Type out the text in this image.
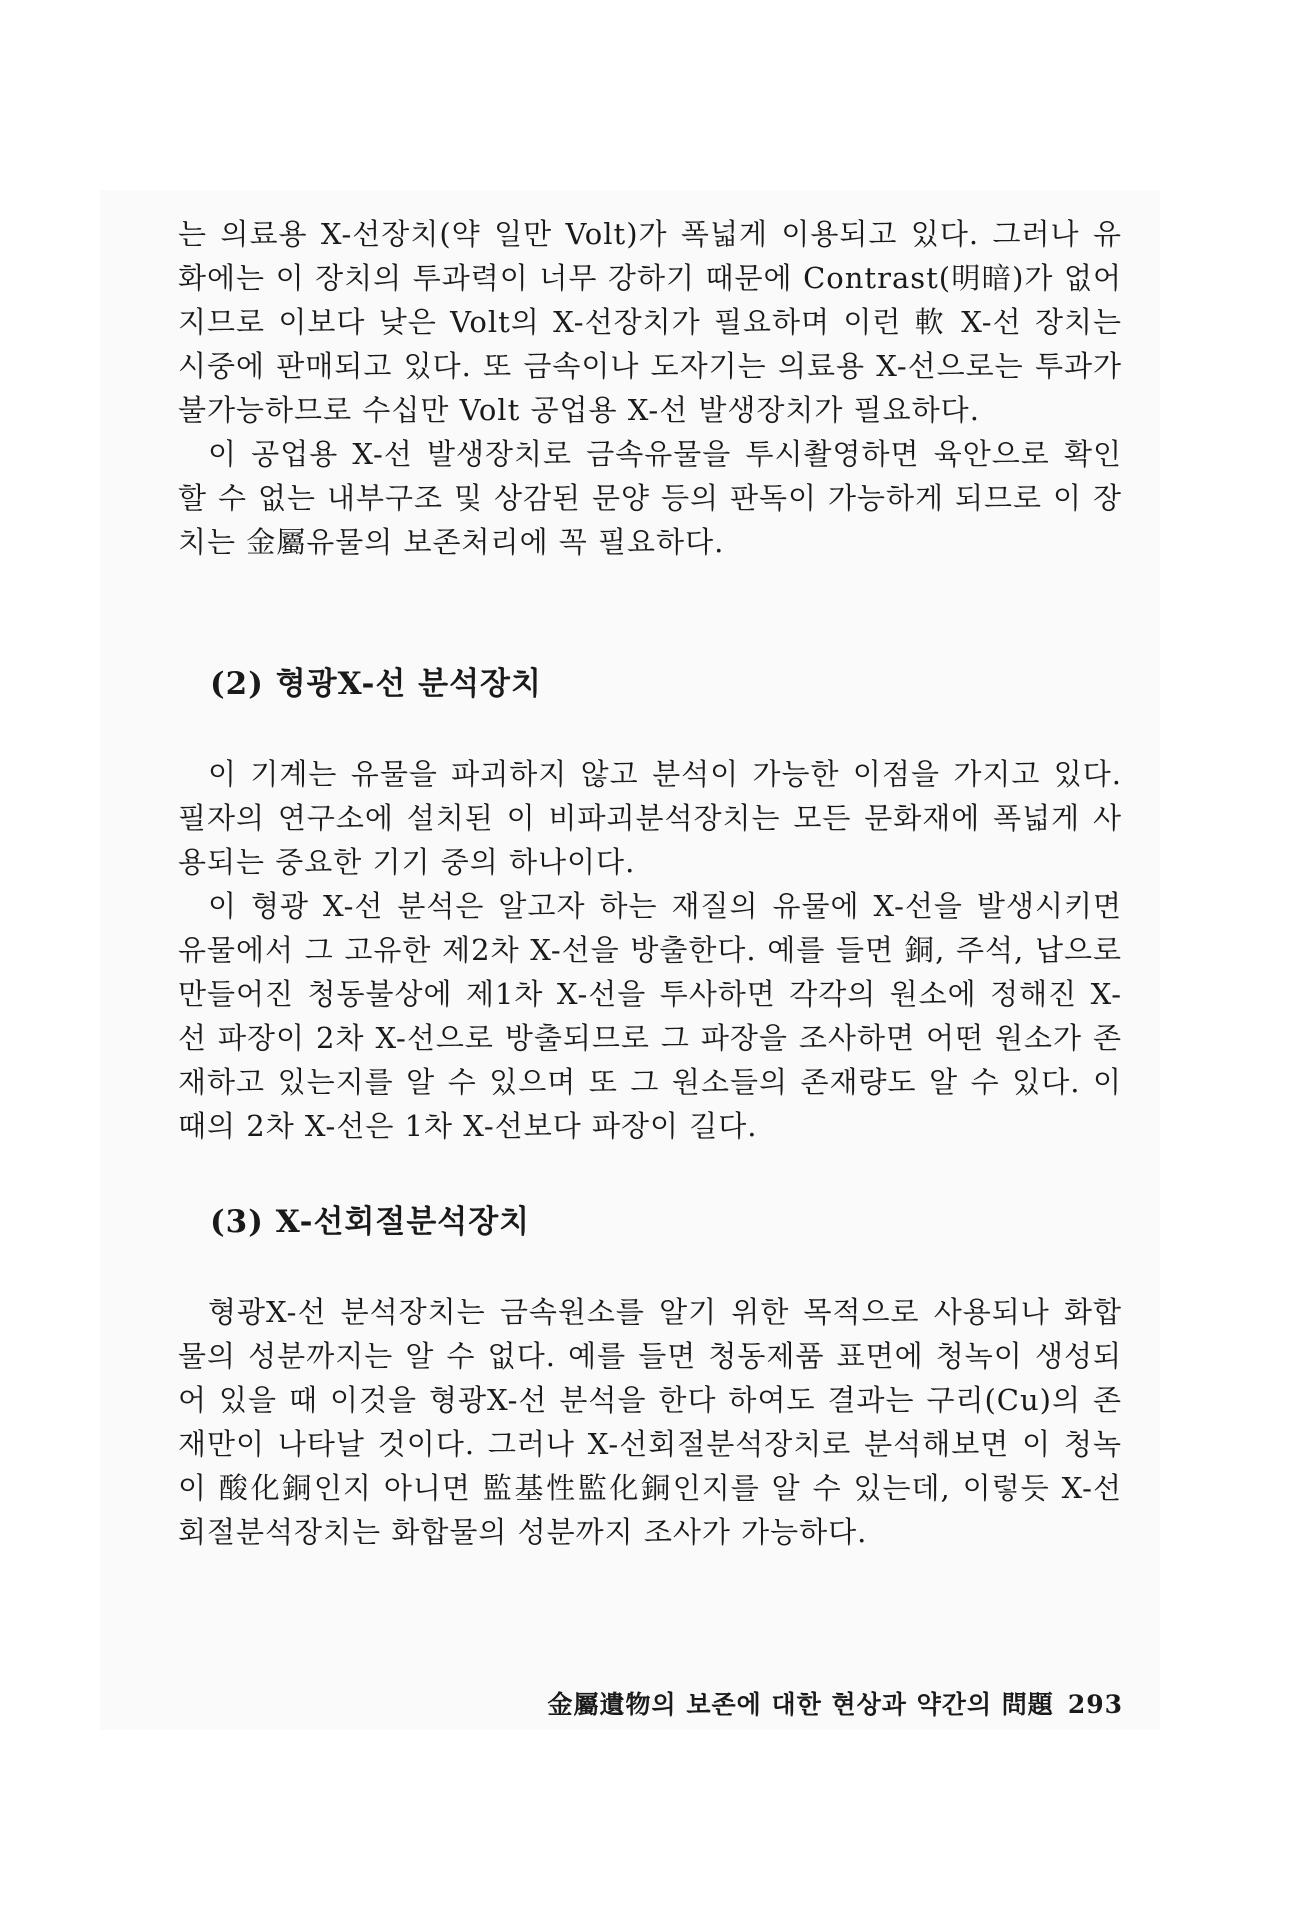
는 의료용 X-선장치(약 일만 Volt)가 폭넓게 이용되고 있다. 그러나 유화에는 이 장치의 투과력이 너무 강하기 때문에 Contrast(明暗)가 없어지므로 이보다 낮은 Volt의 X-선장치가 필요하며 이런 軟 X-선 장치는 시중에 판매되고 있다. 또 금속이나 도자기는 의료용 X-선으로는 투과가 불가능하므로 수십만 Volt 공업용 X-선 발생장치가 필요하다.

이 공업용 X-선 발생장치로 금속유물을 투시촬영하면 육안으로 확인할 수 없는 내부구조 및 상감된 문양 등의 판독이 가능하게 되므로 이 장치는 金屬유물의 보존처리에 꼭 필요하다.

(2) 형광X-선 분석장치

이 기계는 유물을 파괴하지 않고 분석이 가능한 이점을 가지고 있다. 필자의 연구소에 설치된 이 비파괴분석장치는 모든 문화재에 폭넓게 사용되는 중요한 기기 중의 하나이다.

이 형광 X-선 분석은 알고자 하는 재질의 유물에 X-선을 발생시키면 유물에서 그 고유한 제2차 X-선을 방출한다. 예를 들면 銅, 주석, 납으로 만들어진 청동불상에 제1차 X-선을 투사하면 각각의 원소에 정해진 X-선 파장이 2차 X-선으로 방출되므로 그 파장을 조사하면 어떤 원소가 존재하고 있는지를 알 수 있으며 또 그 원소들의 존재량도 알 수 있다. 이때의 2차 X-선은 1차 X-선보다 파장이 길다.

(3) X-선회절분석장치

형광X-선 분석장치는 금속원소를 알기 위한 목적으로 사용되나 화합물의 성분까지는 알 수 없다. 예를 들면 청동제품 표면에 청녹이 생성되어 있을 때 이것을 형광X-선 분석을 한다 하여도 결과는 구리(Cu)의 존재만이 나타날 것이다. 그러나 X-선회절분석장치로 분석해보면 이 청녹이 酸化銅인지 아니면 監基性監化銅인지를 알 수 있는데, 이렇듯 X-선 회절분석장치는 화합물의 성분까지 조사가 가능하다.

金屬遺物의 보존에 대한 현상과 약간의 問題 293
